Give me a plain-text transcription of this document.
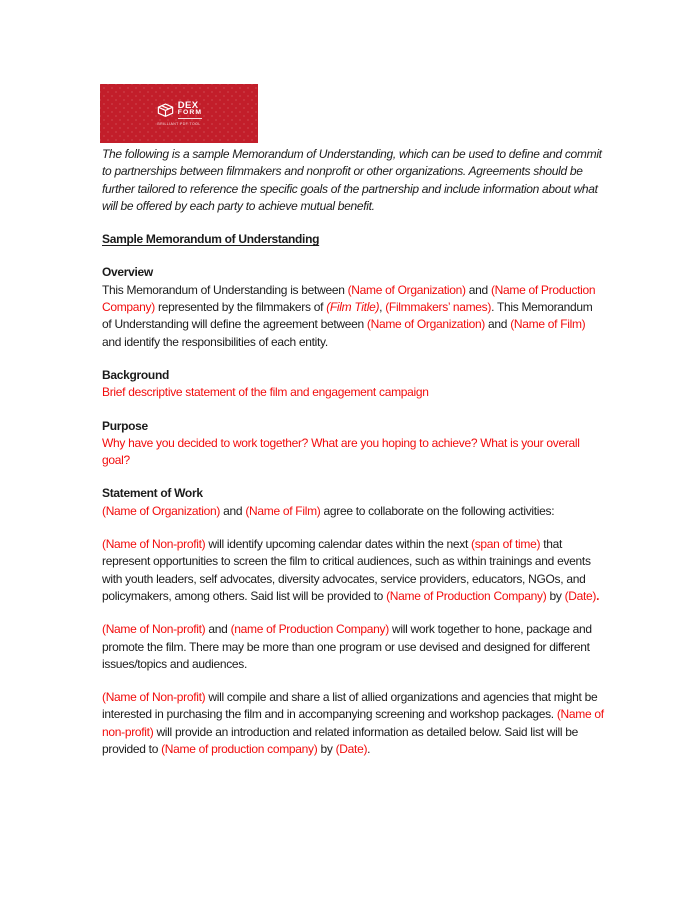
DEX
FORM
BRILLIANT PDF TOOL

The following is a sample Memorandum of Understanding, which can be used to define and commit to partnerships between filmmakers and nonprofit or other organizations. Agreements should be further tailored to reference the specific goals of the partnership and include information about what will be offered by each party to achieve mutual benefit.

Sample Memorandum of Understanding
Overview

This Memorandum of Understanding is between (Name of Organization) and (Name of Production Company) represented by the filmmakers of (Film Title), (Filmmakers’ names). This Memorandum of Understanding will define the agreement between (Name of Organization) and (Name of Film) and identify the responsibilities of each entity.

Background

Brief descriptive statement of the film and engagement campaign

Purpose

Why have you decided to work together? What are you hoping to achieve? What is your overall goal?

Statement of Work

(Name of Organization) and (Name of Film) agree to collaborate on the following activities:

(Name of Non-profit) will identify upcoming calendar dates within the next (span of time) that represent opportunities to screen the film to critical audiences, such as within trainings and events with youth leaders, self advocates, diversity advocates, service providers, educators, NGOs, and policymakers, among others. Said list will be provided to (Name of Production Company) by (Date).

(Name of Non-profit) and (name of Production Company) will work together to hone, package and promote the film. There may be more than one program or use devised and designed for different issues/topics and audiences.

(Name of Non-profit) will compile and share a list of allied organizations and agencies that might be interested in purchasing the film and in accompanying screening and workshop packages. (Name of non-profit) will provide an introduction and related information as detailed below. Said list will be provided to (Name of production company) by (Date).
